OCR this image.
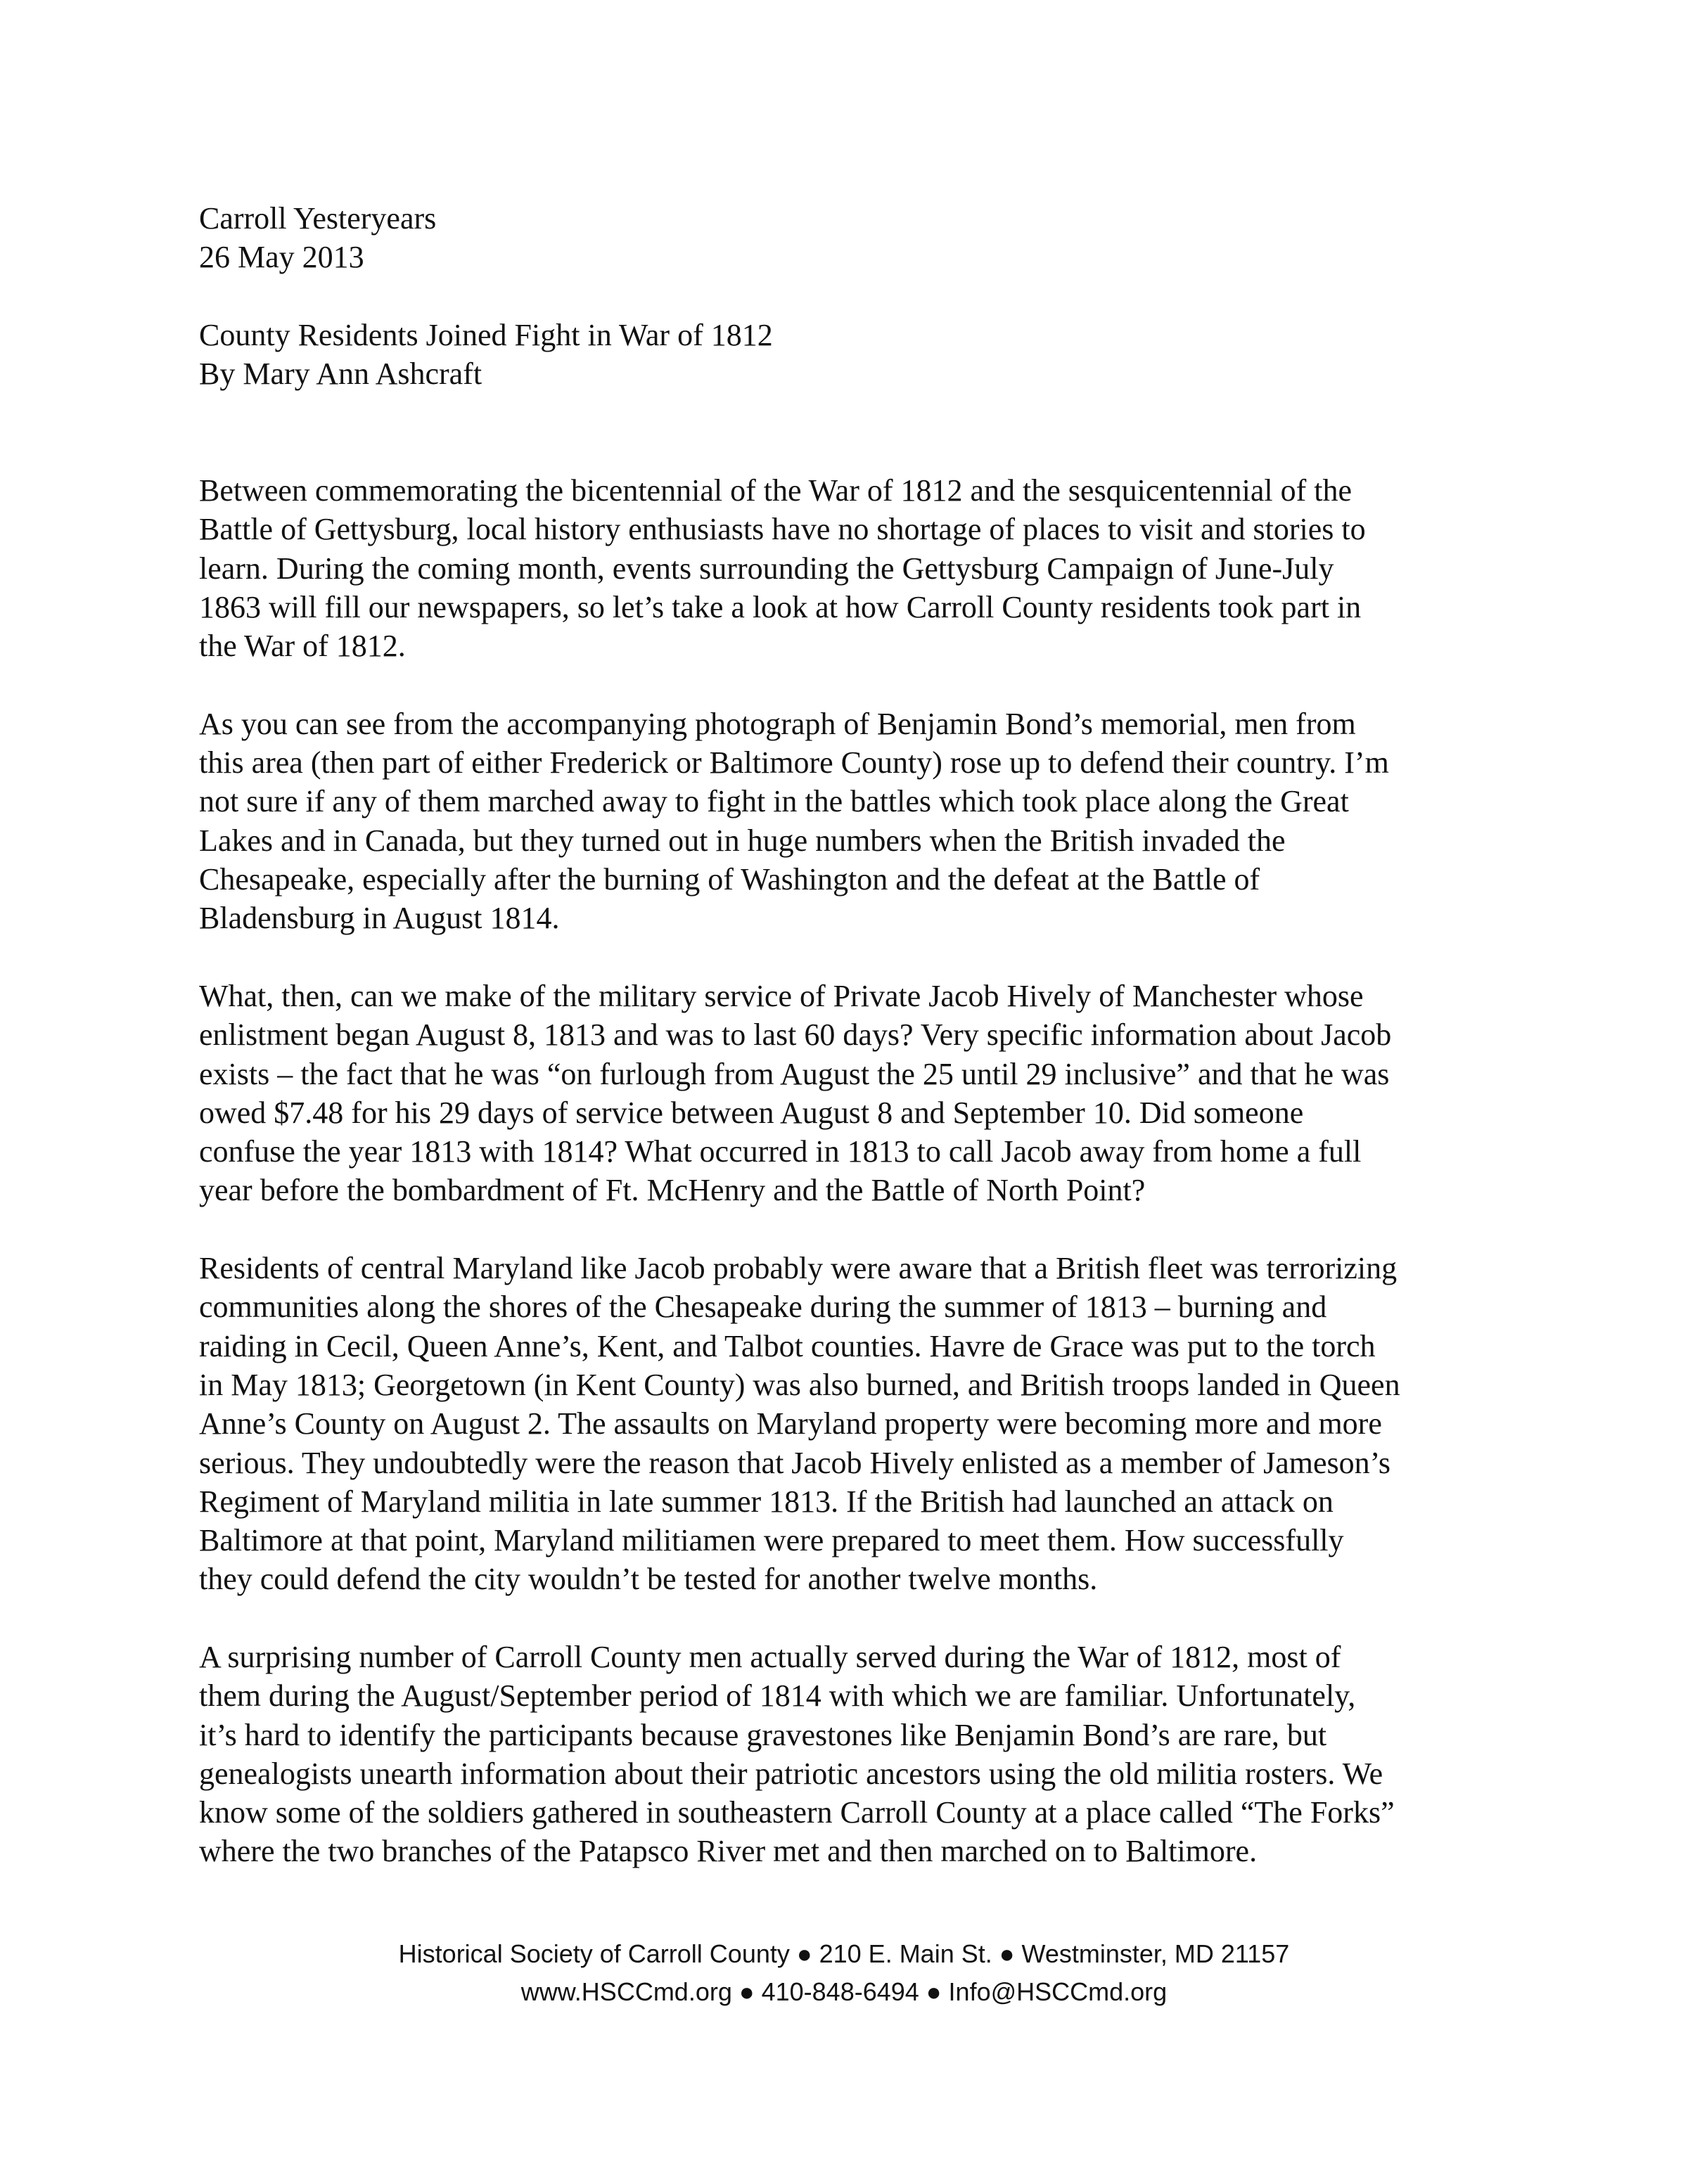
Carroll Yesteryears
26 May 2013
County Residents Joined Fight in War of 1812
By Mary Ann Ashcraft
Between commemorating the bicentennial of the War of 1812 and the sesquicentennial of the
Battle of Gettysburg, local history enthusiasts have no shortage of places to visit and stories to
learn. During the coming month, events surrounding the Gettysburg Campaign of June-July
1863 will fill our newspapers, so let’s take a look at how Carroll County residents took part in
the War of 1812.
As you can see from the accompanying photograph of Benjamin Bond’s memorial, men from
this area (then part of either Frederick or Baltimore County) rose up to defend their country. I’m
not sure if any of them marched away to fight in the battles which took place along the Great
Lakes and in Canada, but they turned out in huge numbers when the British invaded the
Chesapeake, especially after the burning of Washington and the defeat at the Battle of
Bladensburg in August 1814.
What, then, can we make of the military service of Private Jacob Hively of Manchester whose
enlistment began August 8, 1813 and was to last 60 days? Very specific information about Jacob
exists – the fact that he was “on furlough from August the 25 until 29 inclusive” and that he was
owed $7.48 for his 29 days of service between August 8 and September 10. Did someone
confuse the year 1813 with 1814? What occurred in 1813 to call Jacob away from home a full
year before the bombardment of Ft. McHenry and the Battle of North Point?
Residents of central Maryland like Jacob probably were aware that a British fleet was terrorizing
communities along the shores of the Chesapeake during the summer of 1813 – burning and
raiding in Cecil, Queen Anne’s, Kent, and Talbot counties. Havre de Grace was put to the torch
in May 1813; Georgetown (in Kent County) was also burned, and British troops landed in Queen
Anne’s County on August 2. The assaults on Maryland property were becoming more and more
serious. They undoubtedly were the reason that Jacob Hively enlisted as a member of Jameson’s
Regiment of Maryland militia in late summer 1813. If the British had launched an attack on
Baltimore at that point, Maryland militiamen were prepared to meet them. How successfully
they could defend the city wouldn’t be tested for another twelve months.
A surprising number of Carroll County men actually served during the War of 1812, most of
them during the August/September period of 1814 with which we are familiar. Unfortunately,
it’s hard to identify the participants because gravestones like Benjamin Bond’s are rare, but
genealogists unearth information about their patriotic ancestors using the old militia rosters. We
know some of the soldiers gathered in southeastern Carroll County at a place called “The Forks”
where the two branches of the Patapsco River met and then marched on to Baltimore.
Historical Society of Carroll County ● 210 E. Main St. ● Westminster, MD 21157
www.HSCCmd.org ● 410-848-6494 ● Info@HSCCmd.org
